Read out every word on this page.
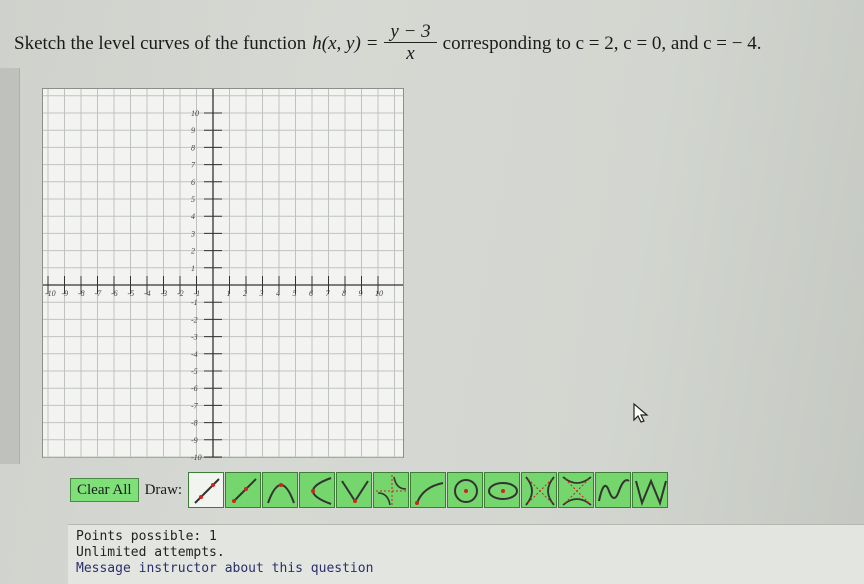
Sketch the level curves of the function h(x, $y) = \frac{y - 3}{x}$ corresponding to c = 2, c = 0, and c = − 4.
-10 -9 -8 -7 -6 -5 -4 -3 -2 -1	1 2 3 4 5 6 7 8 9 10
10
9
8
7
6
5
4
3
2
1
-1
-2
-3
-4
-5
-6
-7
-8
-9
-10
Clear All Draw:
Points possible: 1
Unlimited attempts.
Message instructor about this question
